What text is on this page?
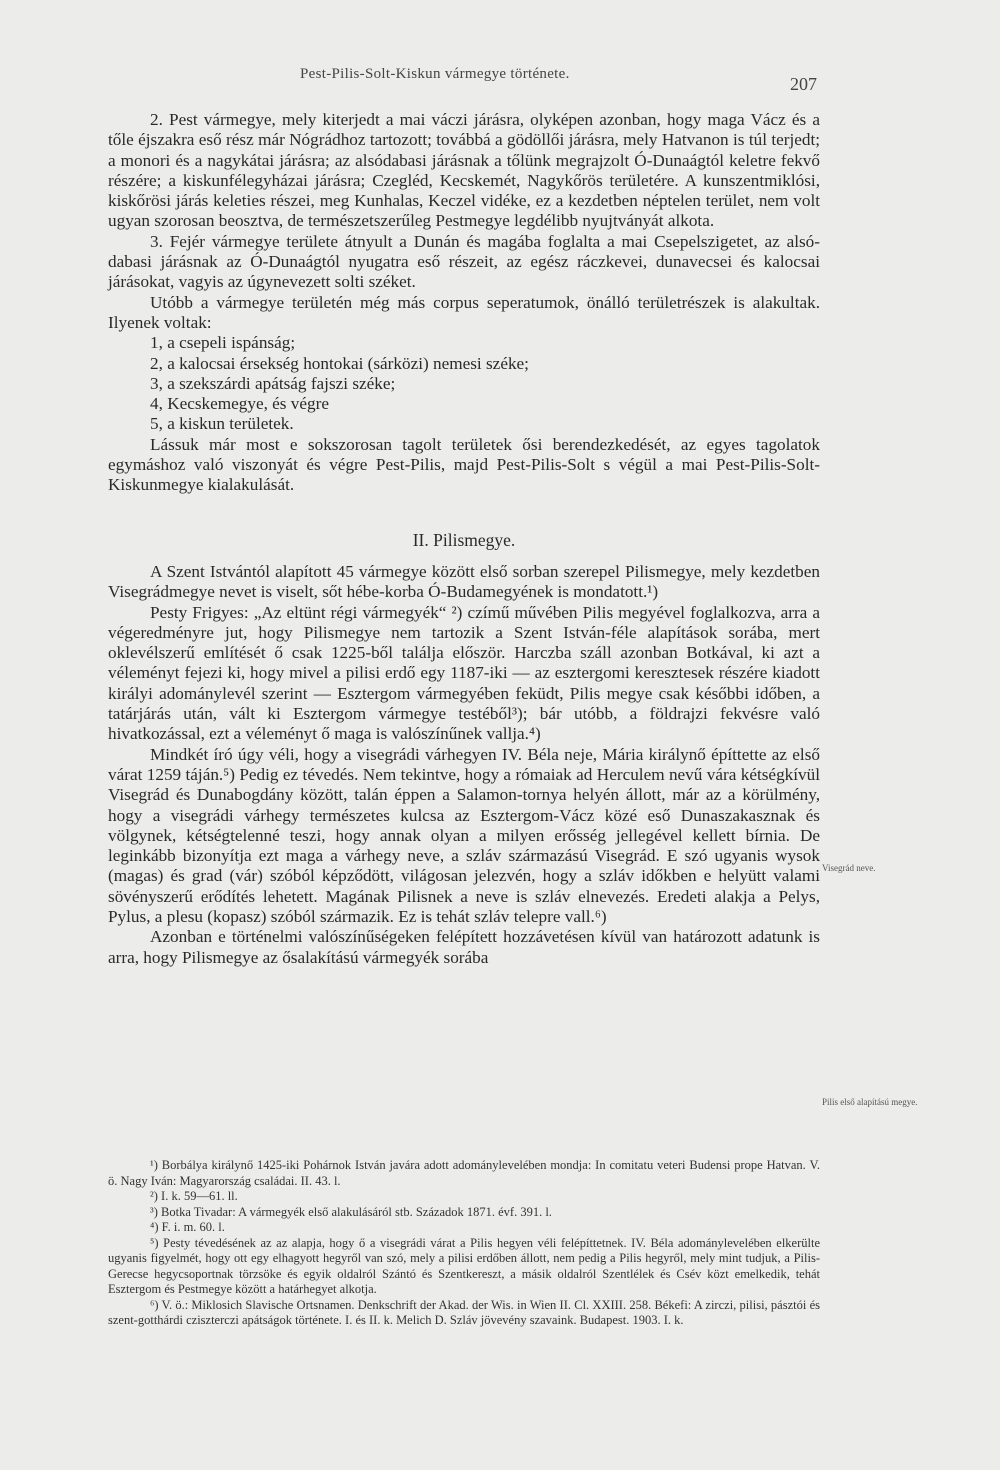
Pest-Pilis-Solt-Kiskun vármegye története.	207

2. Pest vármegye, mely kiterjedt a mai váczi járásra, olyképen azonban, hogy maga Vácz és a tőle éjszakra eső rész már Nógrádhoz tartozott; továbbá a gödöllői járásra, mely Hatvanon is túl terjedt; a monori és a nagykátai járásra; az alsódabasi járásnak a tőlünk megrajzolt Ó-Dunaágtól keletre fekvő részére; a kiskunfélegyházai járásra; Czegléd, Kecskemét, Nagykőrös területére. A kunszentmiklósi, kiskőrösi járás keleties részei, meg Kunhalas, Keczel vidéke, ez a kezdetben néptelen terület, nem volt ugyan szorosan beosztva, de természetszerűleg Pestmegye legdélibb nyujtványát alkota.

3. Fejér vármegye területe átnyult a Dunán és magába foglalta a mai Csepelszigetet, az alsó-dabasi járásnak az Ó-Dunaágtól nyugatra eső részeit, az egész ráczkevei, dunavecsei és kalocsai járásokat, vagyis az úgynevezett solti széket.

Utóbb a vármegye területén még más corpus seperatumok, önálló területrészek is alakultak. Ilyenek voltak:

1, a csepeli ispánság;

2, a kalocsai érsekség hontokai (sárközi) nemesi széke;

3, a szekszárdi apátság fajszi széke;

4, Kecskemegye, és végre

5, a kiskun területek.

Lássuk már most e sokszorosan tagolt területek ősi berendezkedését, az egyes tagolatok egymáshoz való viszonyát és végre Pest-Pilis, majd Pest-Pilis-Solt s végül a mai Pest-Pilis-Solt-Kiskunmegye kialakulását.

II. Pilismegye.

A Szent Istvántól alapított 45 vármegye között első sorban szerepel Pilismegye, mely kezdetben Visegrádmegye nevet is viselt, sőt hébe-korba Ó-Budamegyének is mondatott.¹)

Pesty Frigyes: „Az eltünt régi vármegyék“ ²) czímű művében Pilis megyével foglalkozva, arra a végeredményre jut, hogy Pilismegye nem tartozik a Szent István-féle alapítások sorába, mert oklevélszerű említését ő csak 1225-ből találja először. Harczba száll azonban Botkával, ki azt a véleményt fejezi ki, hogy mivel a pilisi erdő egy 1187-iki — az esztergomi keresztesek részére kiadott királyi adománylevél szerint — Esztergom vármegyében feküdt, Pilis megye csak későbbi időben, a tatárjárás után, vált ki Esztergom vármegye testéből³); bár utóbb, a földrajzi fekvésre való hivatkozással, ezt a véleményt ő maga is valószínűnek vallja.⁴)

Mindkét író úgy véli, hogy a visegrádi várhegyen IV. Béla neje, Mária királynő építtette az első várat 1259 táján.⁵) Pedig ez tévedés. Nem tekintve, hogy a rómaiak ad Herculem nevű vára kétségkívül Visegrád és Dunabogdány között, talán éppen a Salamon-tornya helyén állott, már az a körülmény, hogy a visegrádi várhegy természetes kulcsa az Esztergom-Vácz közé eső Dunaszakasznak és völgynek, kétségtelenné teszi, hogy annak olyan a milyen erősség jellegével kellett bírnia. De leginkább bizonyítja ezt maga a várhegy neve, a szláv származású Visegrád. E szó ugyanis wysok (magas) és grad (vár) szóból képződött, világosan jelezvén, hogy a szláv időkben e helyütt valami sövényszerű erődítés lehetett. Magának Pilisnek a neve is szláv elnevezés. Eredeti alakja a Pelys, Pylus, a plesu (kopasz) szóból származik. Ez is tehát szláv telepre vall.⁶)

Azonban e történelmi valószínűségeken felépített hozzávetésen kívül van határozott adatunk is arra, hogy Pilismegye az ősalakítású vármegyék sorába

Visegrád neve.
Pilis első alapítású megye.

¹) Borbálya királynő 1425-iki Pohárnok István javára adott adománylevelében mondja: In comitatu veteri Budensi prope Hatvan. V. ö. Nagy Iván: Magyarország családai. II. 43. l.

²) I. k. 59—61. ll.

³) Botka Tivadar: A vármegyék első alakulásáról stb. Századok 1871. évf. 391. l.

⁴) F. i. m. 60. l.

⁵) Pesty tévedésének az az alapja, hogy ő a visegrádi várat a Pilis hegyen véli felépíttetnek. IV. Béla adománylevelében elkerülte ugyanis figyelmét, hogy ott egy elhagyott hegyről van szó, mely a pilisi erdőben állott, nem pedig a Pilis hegyről, mely mint tudjuk, a Pilis-Gerecse hegycsoportnak törzsöke és egyik oldalról Szántó és Szentkereszt, a másik oldalról Szentlélek és Csév közt emelkedik, tehát Esztergom és Pestmegye között a határhegyet alkotja.

⁶) V. ö.: Miklosich Slavische Ortsnamen. Denkschrift der Akad. der Wis. in Wien II. Cl. XXIII. 258. Békefi: A zirczi, pilisi, pásztói és szent-gotthárdi cziszterczi apátságok története. I. és II. k. Melich D. Szláv jövevény szavaink. Budapest. 1903. I. k.
